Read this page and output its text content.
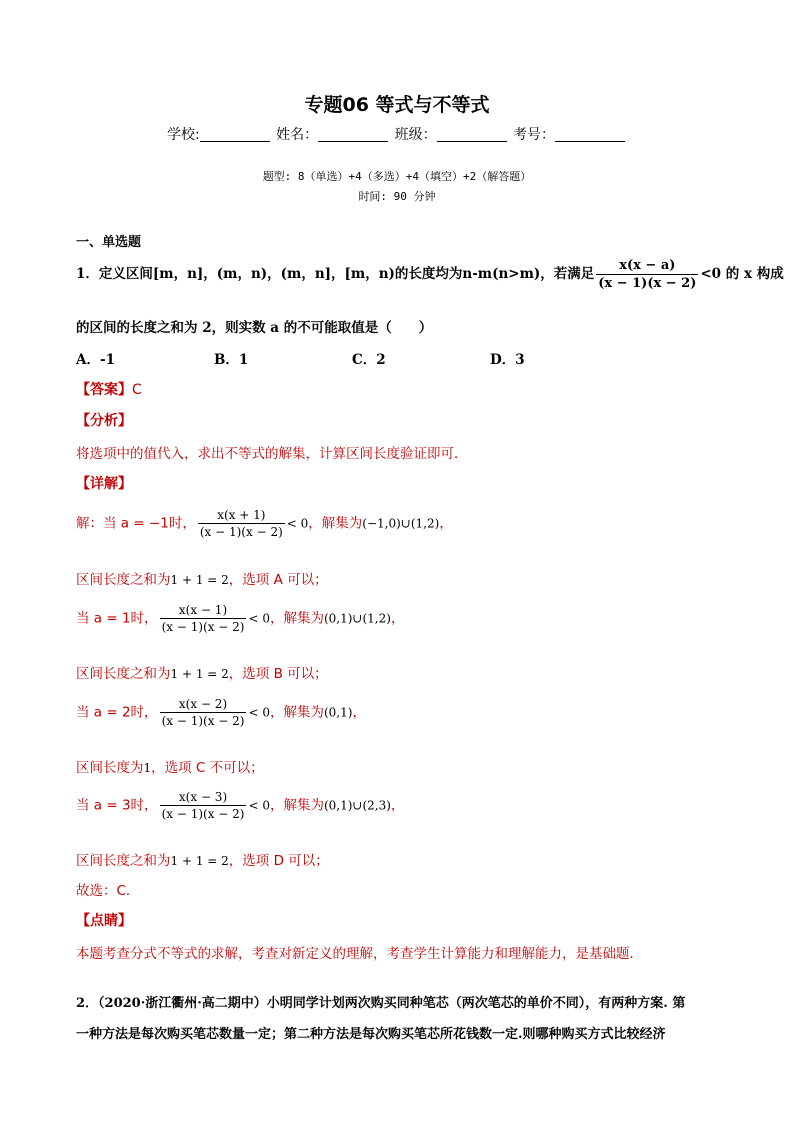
专题06 等式与不等式
学校:	姓名：	班级：	考号：
题型: 8（单选）+4（多选）+4（填空）+2（解答题）
时间: 90 分钟
一、单选题
1．定义区间[m，n]，(m，n)，(m，n]，[m，n)的长度均为n-m(n>m)，若满足 $\frac{x(x - a)}{(x - 1)(x - 2)} <0$ 的 x 构成
的区间的长度之和为 2，则实数 a 的不可能取值是（　　）
A．-1	B．1	C．2	D．3
【答案】C
【分析】
将选项中的值代入，求出不等式的解集，计算区间长度验证即可．
【详解】
解：当 a = −1时， $\frac{x(x + 1)}{(x - 1)(x - 2)} < 0$，解集为(−1,0)∪(1,2)，
区间长度之和为1 + 1 = 2，选项 A 可以；
当 a = 1时， $\frac{x(x - 1)}{(x - 1)(x - 2)} < 0$，解集为(0,1)∪(1,2)，
区间长度之和为1 + 1 = 2，选项 B 可以；
当 a = 2时， $\frac{x(x - 2)}{(x - 1)(x - 2)} < 0$，解集为(0,1)，
区间长度为1，选项 C 不可以；
当 a = 3时， $\frac{x(x - 3)}{(x - 1)(x - 2)} < 0$，解集为(0,1)∪(2,3)，
区间长度之和为1 + 1 = 2，选项 D 可以；
故选：C．
【点睛】
本题考查分式不等式的求解，考查对新定义的理解，考查学生计算能力和理解能力，是基础题．
2．（2020·浙江衢州·高二期中）小明同学计划两次购买同种笔芯（两次笔芯的单价不同），有两种方案. 第
一种方法是每次购买笔芯数量一定；第二种方法是每次购买笔芯所花钱数一定.则哪种购买方式比较经济
